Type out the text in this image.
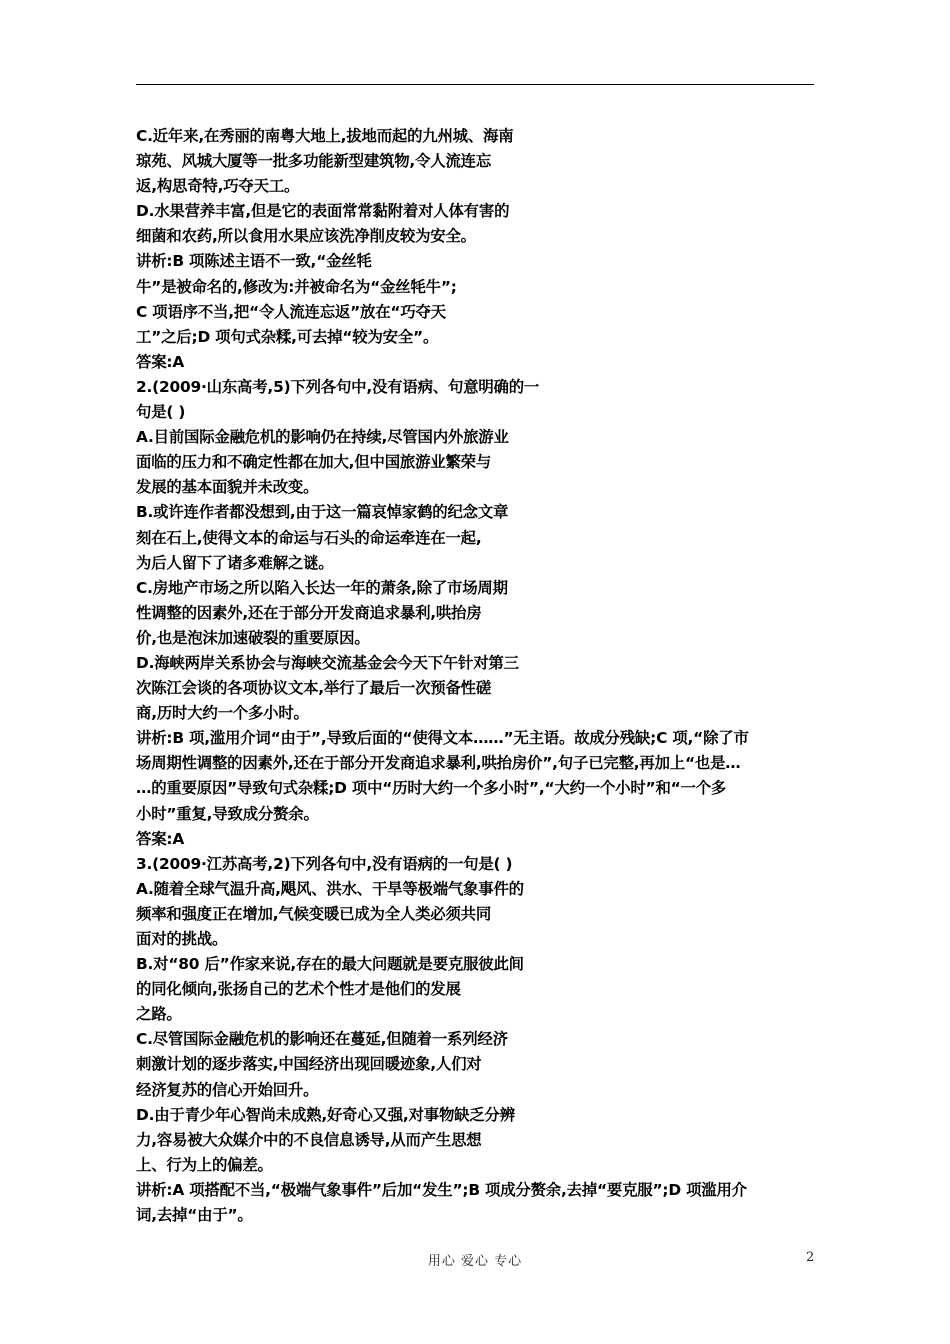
C.近年来,在秀丽的南粤大地上,拔地而起的九州城、海南
琼苑、风城大厦等一批多功能新型建筑物,令人流连忘
返,构思奇特,巧夺天工。
D.水果营养丰富,但是它的表面常常黏附着对人体有害的
细菌和农药,所以食用水果应该洗净削皮较为安全。
讲析:B 项陈述主语不一致,“金丝牦
牛”是被命名的,修改为:并被命名为“金丝牦牛”;
C 项语序不当,把“令人流连忘返”放在“巧夺天
工”之后;D 项句式杂糅,可去掉“较为安全”。
答案:A
2.(2009·山东高考,5)下列各句中,没有语病、句意明确的一
句是( )
A.目前国际金融危机的影响仍在持续,尽管国内外旅游业
面临的压力和不确定性都在加大,但中国旅游业繁荣与
发展的基本面貌并未改变。
B.或许连作者都没想到,由于这一篇哀悼家鹤的纪念文章
刻在石上,使得文本的命运与石头的命运牵连在一起,
为后人留下了诸多难解之谜。
C.房地产市场之所以陷入长达一年的萧条,除了市场周期
性调整的因素外,还在于部分开发商追求暴利,哄抬房
价,也是泡沫加速破裂的重要原因。
D.海峡两岸关系协会与海峡交流基金会今天下午针对第三
次陈江会谈的各项协议文本,举行了最后一次预备性磋
商,历时大约一个多小时。
讲析:B 项,滥用介词“由于”,导致后面的“使得文本……”无主语。故成分残缺;C 项,“除了市
场周期性调整的因素外,还在于部分开发商追求暴利,哄抬房价”,句子已完整,再加上“也是…
…的重要原因”导致句式杂糅;D 项中“历时大约一个多小时”,“大约一个小时”和“一个多
小时”重复,导致成分赘余。
答案:A
3.(2009·江苏高考,2)下列各句中,没有语病的一句是( )
A.随着全球气温升高,飓风、洪水、干旱等极端气象事件的
频率和强度正在增加,气候变暖已成为全人类必须共同
面对的挑战。
B.对“80 后”作家来说,存在的最大问题就是要克服彼此间
的同化倾向,张扬自己的艺术个性才是他们的发展
之路。
C.尽管国际金融危机的影响还在蔓延,但随着一系列经济
刺激计划的逐步落实,中国经济出现回暖迹象,人们对
经济复苏的信心开始回升。
D.由于青少年心智尚未成熟,好奇心又强,对事物缺乏分辨
力,容易被大众媒介中的不良信息诱导,从而产生思想
上、行为上的偏差。
讲析:A 项搭配不当,“极端气象事件”后加“发生”;B 项成分赘余,去掉“要克服”;D 项滥用介
词,去掉“由于”。
用心 爱心 专心	2
